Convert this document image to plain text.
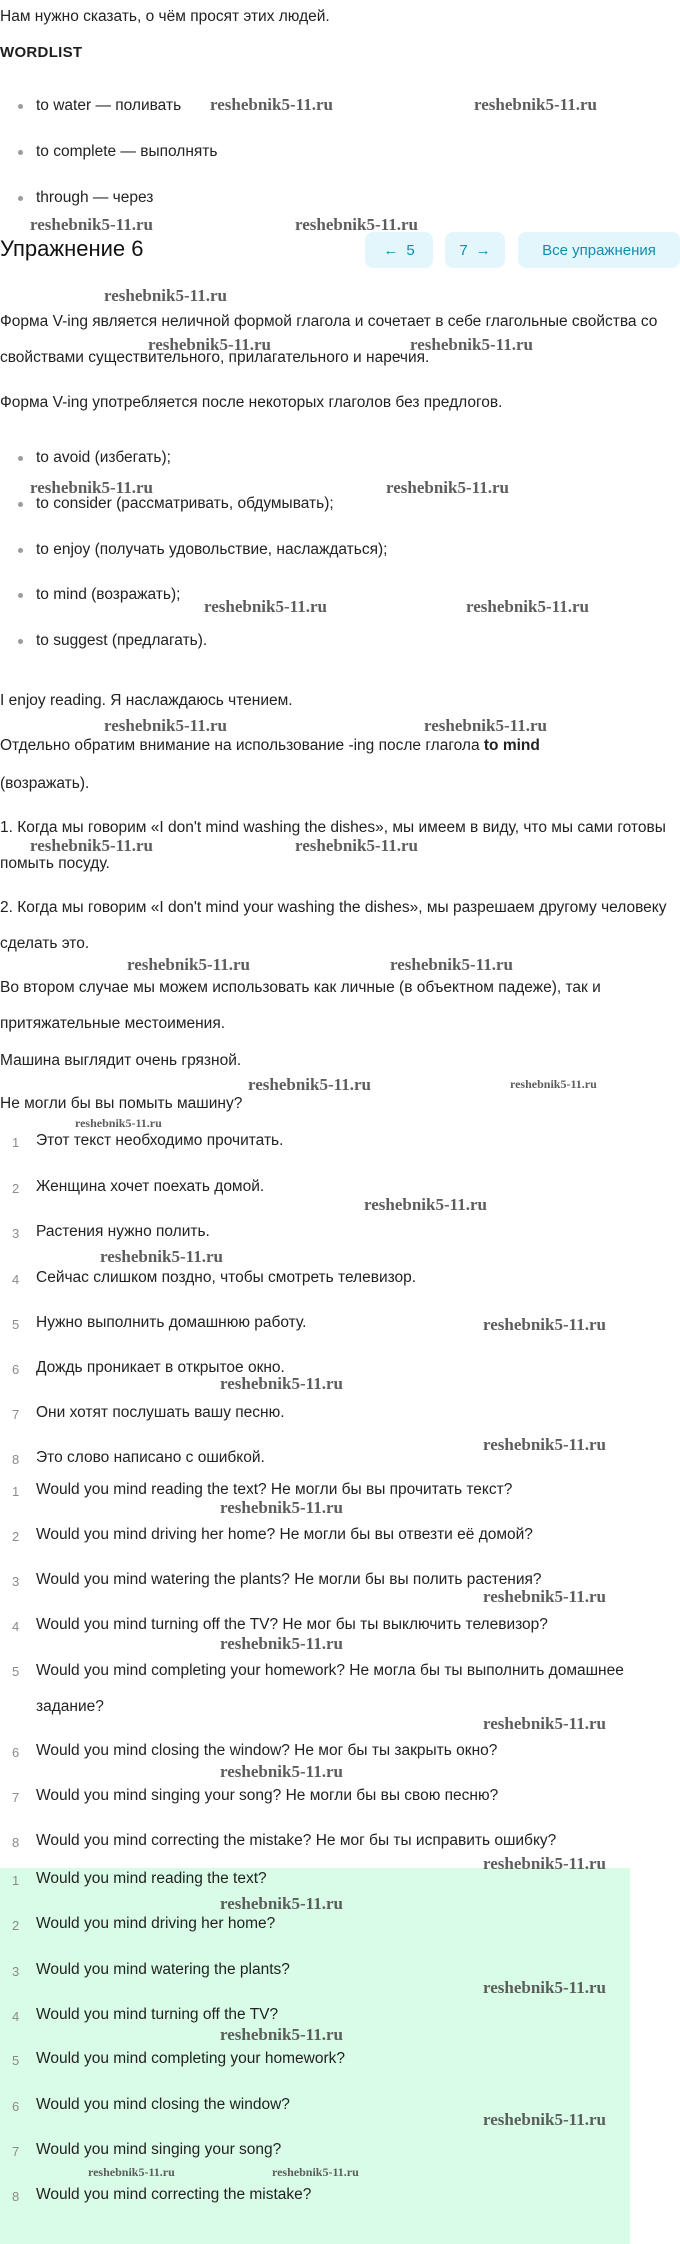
Нам нужно сказать, о чём просят этих людей.
WORDLIST
to water — поливать
to complete — выполнять
through — через
Упражнение 6	← 5	7 →	Все упражнения
Форма V-ing является неличной формой глагола и сочетает в себе глагольные свойства со свойствами существительного, прилагательного и наречия.
Форма V-ing употребляется после некоторых глаголов без предлогов.
to avoid (избегать);
to consider (рассматривать, обдумывать);
to enjoy (получать удовольствие, наслаждаться);
to mind (возражать);
to suggest (предлагать).
I enjoy reading. Я наслаждаюсь чтением.
Отдельно обратим внимание на использование -ing после глагола to mind
(возражать).
1. Когда мы говорим «I don't mind washing the dishes», мы имеем в виду, что мы сами готовы помыть посуду.
2. Когда мы говорим «I don't mind your washing the dishes», мы разрешаем другому человеку сделать это.
Во втором случае мы можем использовать как личные (в объектном падеже), так и притяжательные местоимения.
Машина выглядит очень грязной.
Не могли бы вы помыть машину?
1 Этот текст необходимо прочитать.
2 Женщина хочет поехать домой.
3 Растения нужно полить.
4 Сейчас слишком поздно, чтобы смотреть телевизор.
5 Нужно выполнить домашнюю работу.
6 Дождь проникает в открытое окно.
7 Они хотят послушать вашу песню.
8 Это слово написано с ошибкой.
1 Would you mind reading the text? Не могли бы вы прочитать текст?
2 Would you mind driving her home? Не могли бы вы отвезти её домой?
3 Would you mind watering the plants? Не могли бы вы полить растения?
4 Would you mind turning off the TV? Не мог бы ты выключить телевизор?
5 Would you mind completing your homework? Не могла бы ты выполнить домашнее задание?
6 Would you mind closing the window? Не мог бы ты закрыть окно?
7 Would you mind singing your song? Не могли бы вы свою песню?
8 Would you mind correcting the mistake? Не мог бы ты исправить ошибку?
1 Would you mind reading the text?
2 Would you mind driving her home?
3 Would you mind watering the plants?
4 Would you mind turning off the TV?
5 Would you mind completing your homework?
6 Would you mind closing the window?
7 Would you mind singing your song?
8 Would you mind correcting the mistake?
reshebnik5-11.ru	reshebnik5-11.ru
reshebnik5-11.ru	reshebnik5-11.ru
reshebnik5-11.ru
reshebnik5-11.ru	reshebnik5-11.ru
reshebnik5-11.ru	reshebnik5-11.ru
reshebnik5-11.ru	reshebnik5-11.ru
reshebnik5-11.ru	reshebnik5-11.ru
reshebnik5-11.ru	reshebnik5-11.ru
reshebnik5-11.ru	reshebnik5-11.ru
reshebnik5-11.ru	reshebnik5-11.ru
reshebnik5-11.ru
reshebnik5-11.ru
reshebnik5-11.ru
reshebnik5-11.ru
reshebnik5-11.ru
reshebnik5-11.ru
reshebnik5-11.ru
reshebnik5-11.ru
reshebnik5-11.ru
reshebnik5-11.ru
reshebnik5-11.ru
reshebnik5-11.ru
reshebnik5-11.ru
reshebnik5-11.ru
reshebnik5-11.ru
reshebnik5-11.ru
reshebnik5-11.ru	reshebnik5-11.ru
